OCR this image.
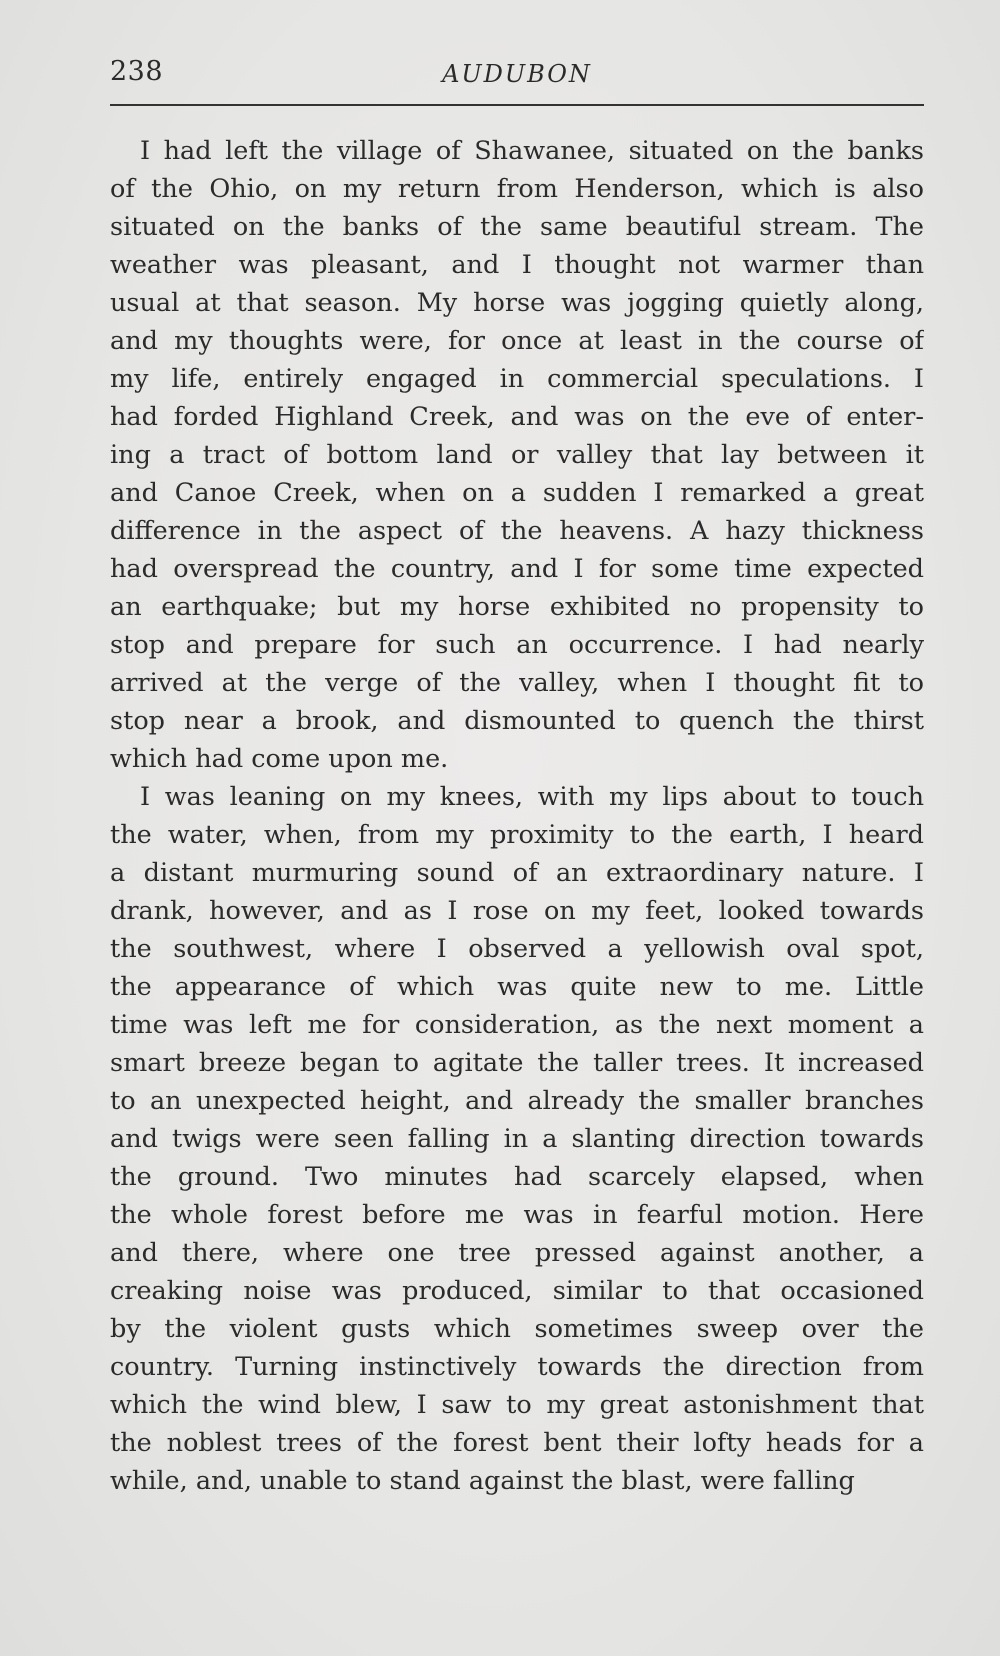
238	AUDUBON
I had left the village of Shawanee, situated on the banks
of the Ohio, on my return from Henderson, which is also
situated on the banks of the same beautiful stream. The
weather was pleasant, and I thought not warmer than
usual at that season. My horse was jogging quietly along,
and my thoughts were, for once at least in the course of
my life, entirely engaged in commercial speculations. I
had forded Highland Creek, and was on the eve of enter-
ing a tract of bottom land or valley that lay between it
and Canoe Creek, when on a sudden I remarked a great
difference in the aspect of the heavens. A hazy thickness
had overspread the country, and I for some time expected
an earthquake; but my horse exhibited no propensity to
stop and prepare for such an occurrence. I had nearly
arrived at the verge of the valley, when I thought fit to
stop near a brook, and dismounted to quench the thirst
which had come upon me.
I was leaning on my knees, with my lips about to touch
the water, when, from my proximity to the earth, I heard
a distant murmuring sound of an extraordinary nature. I
drank, however, and as I rose on my feet, looked towards
the southwest, where I observed a yellowish oval spot,
the appearance of which was quite new to me. Little
time was left me for consideration, as the next moment a
smart breeze began to agitate the taller trees. It increased
to an unexpected height, and already the smaller branches
and twigs were seen falling in a slanting direction towards
the ground. Two minutes had scarcely elapsed, when
the whole forest before me was in fearful motion. Here
and there, where one tree pressed against another, a
creaking noise was produced, similar to that occasioned
by the violent gusts which sometimes sweep over the
country. Turning instinctively towards the direction from
which the wind blew, I saw to my great astonishment that
the noblest trees of the forest bent their lofty heads for a
while, and, unable to stand against the blast, were falling
